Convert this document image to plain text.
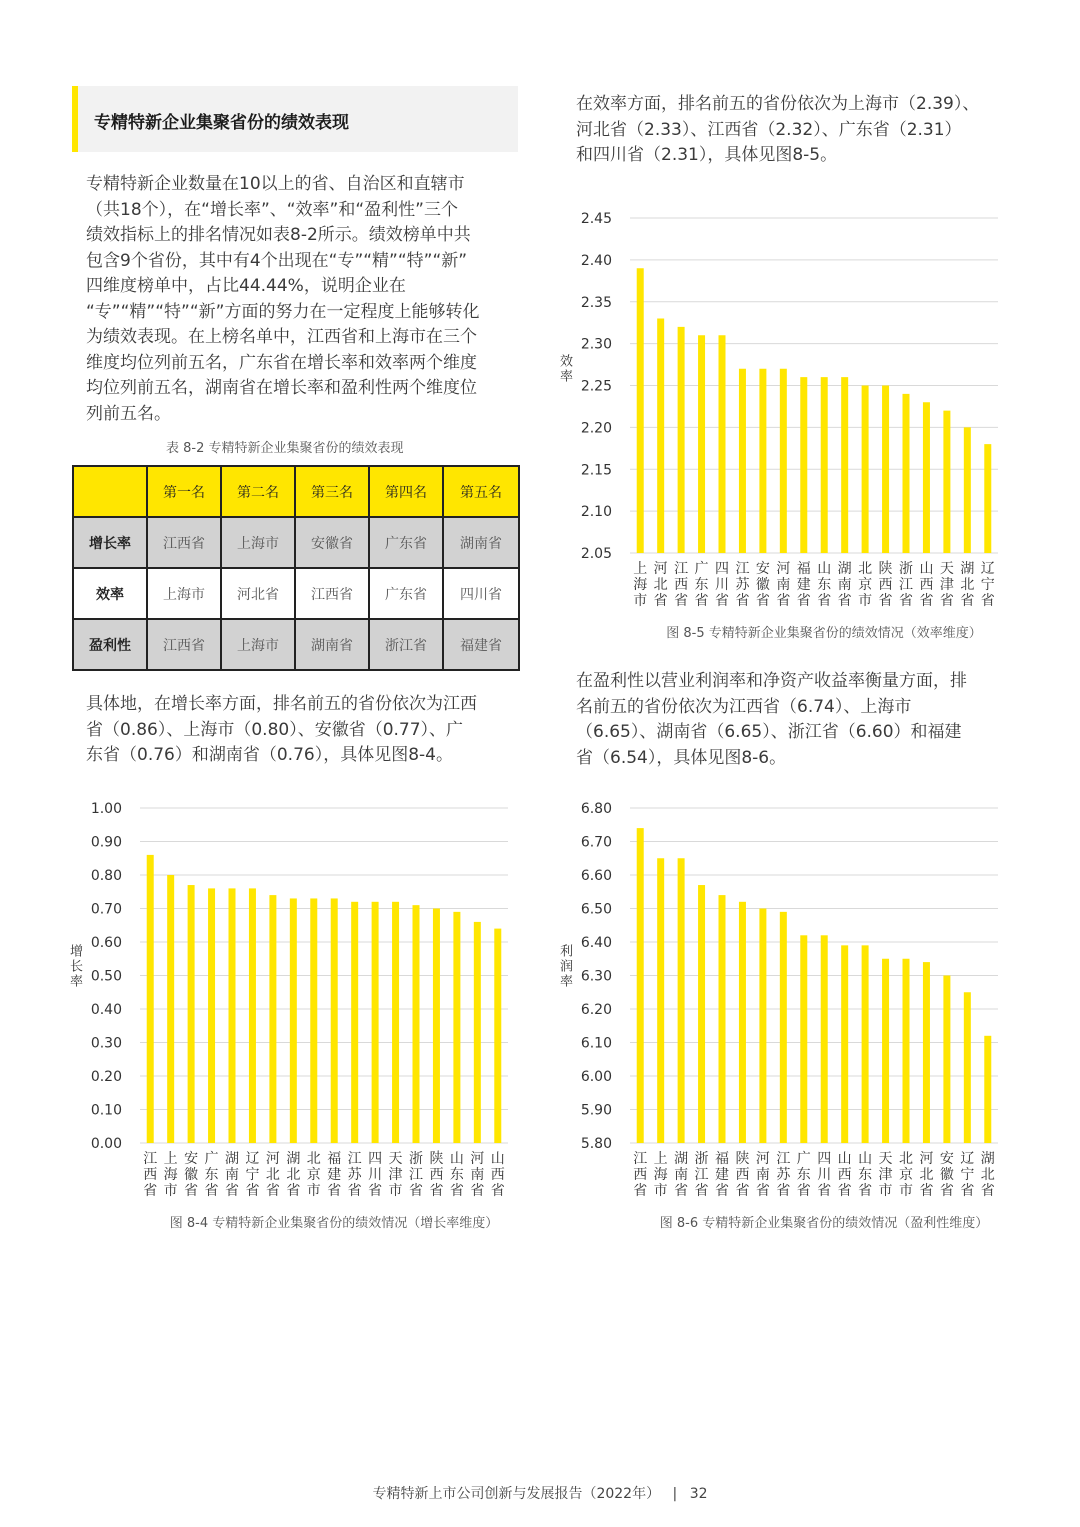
专精特新企业集聚省份的绩效表现
专精特新企业数量在10以上的省、自治区和直辖市
（共18个），在“增长率”、“效率”和“盈利性”三个
绩效指标上的排名情况如表8-2所示。绩效榜单中共
包含9个省份，其中有4个出现在“专”“精”“特”“新”
四维度榜单中，占比44.44%，说明企业在
“专”“精”“特”“新”方面的努力在一定程度上能够转化
为绩效表现。在上榜名单中，江西省和上海市在三个
维度均位列前五名，广东省在增长率和效率两个维度
均位列前五名，湖南省在增长率和盈利性两个维度位
列前五名。
表 8-2 专精特新企业集聚省份的绩效表现
	第一名	第二名	第三名	第四名	第五名
增长率	江西省	上海市	安徽省	广东省	湖南省
效率	上海市	河北省	江西省	广东省	四川省
盈利性	江西省	上海市	湖南省	浙江省	福建省
具体地，在增长率方面，排名前五的省份依次为江西
省（0.86）、上海市（0.80）、安徽省（0.77）、广
东省（0.76）和湖南省（0.76），具体见图8-4。
在效率方面，排名前五的省份依次为上海市（2.39）、
河北省（2.33）、江西省（2.32）、广东省（2.31）
和四川省（2.31），具体见图8-5。
在盈利性以营业利润率和净资产收益率衡量方面，排
名前五的省份依次为江西省（6.74）、上海市
（6.65）、湖南省（6.65）、浙江省（6.60）和福建
省（6.54），具体见图8-6。
0.00
0.10
0.20
0.30
0.40
0.50
0.60
0.70
0.80
0.90
1.00
增长率
江西省
上海市
安徽省
广东省
湖南省
辽宁省
河北省
湖北省
北京市
福建省
江苏省
四川省
天津市
浙江省
陕西省
山东省
河南省
山西省
图 8-4 专精特新企业集聚省份的绩效情况（增长率维度）
2.05
2.10
2.15
2.20
2.25
2.30
2.35
2.40
2.45
效率
上海市
河北省
江西省
广东省
四川省
江苏省
安徽省
河南省
福建省
山东省
湖南省
北京市
陕西省
浙江省
山西省
天津省
湖北省
辽宁省
图 8-5 专精特新企业集聚省份的绩效情况（效率维度）
5.80
5.90
6.00
6.10
6.20
6.30
6.40
6.50
6.60
6.70
6.80
利润率
江西省
上海市
湖南省
浙江省
福建省
陕西省
河南省
江苏省
广东省
四川省
山西省
山东省
天津市
北京市
河北省
安徽省
辽宁省
湖北省
图 8-6 专精特新企业集聚省份的绩效情况（盈利性维度）
专精特新上市公司创新与发展报告（2022年） | 32
